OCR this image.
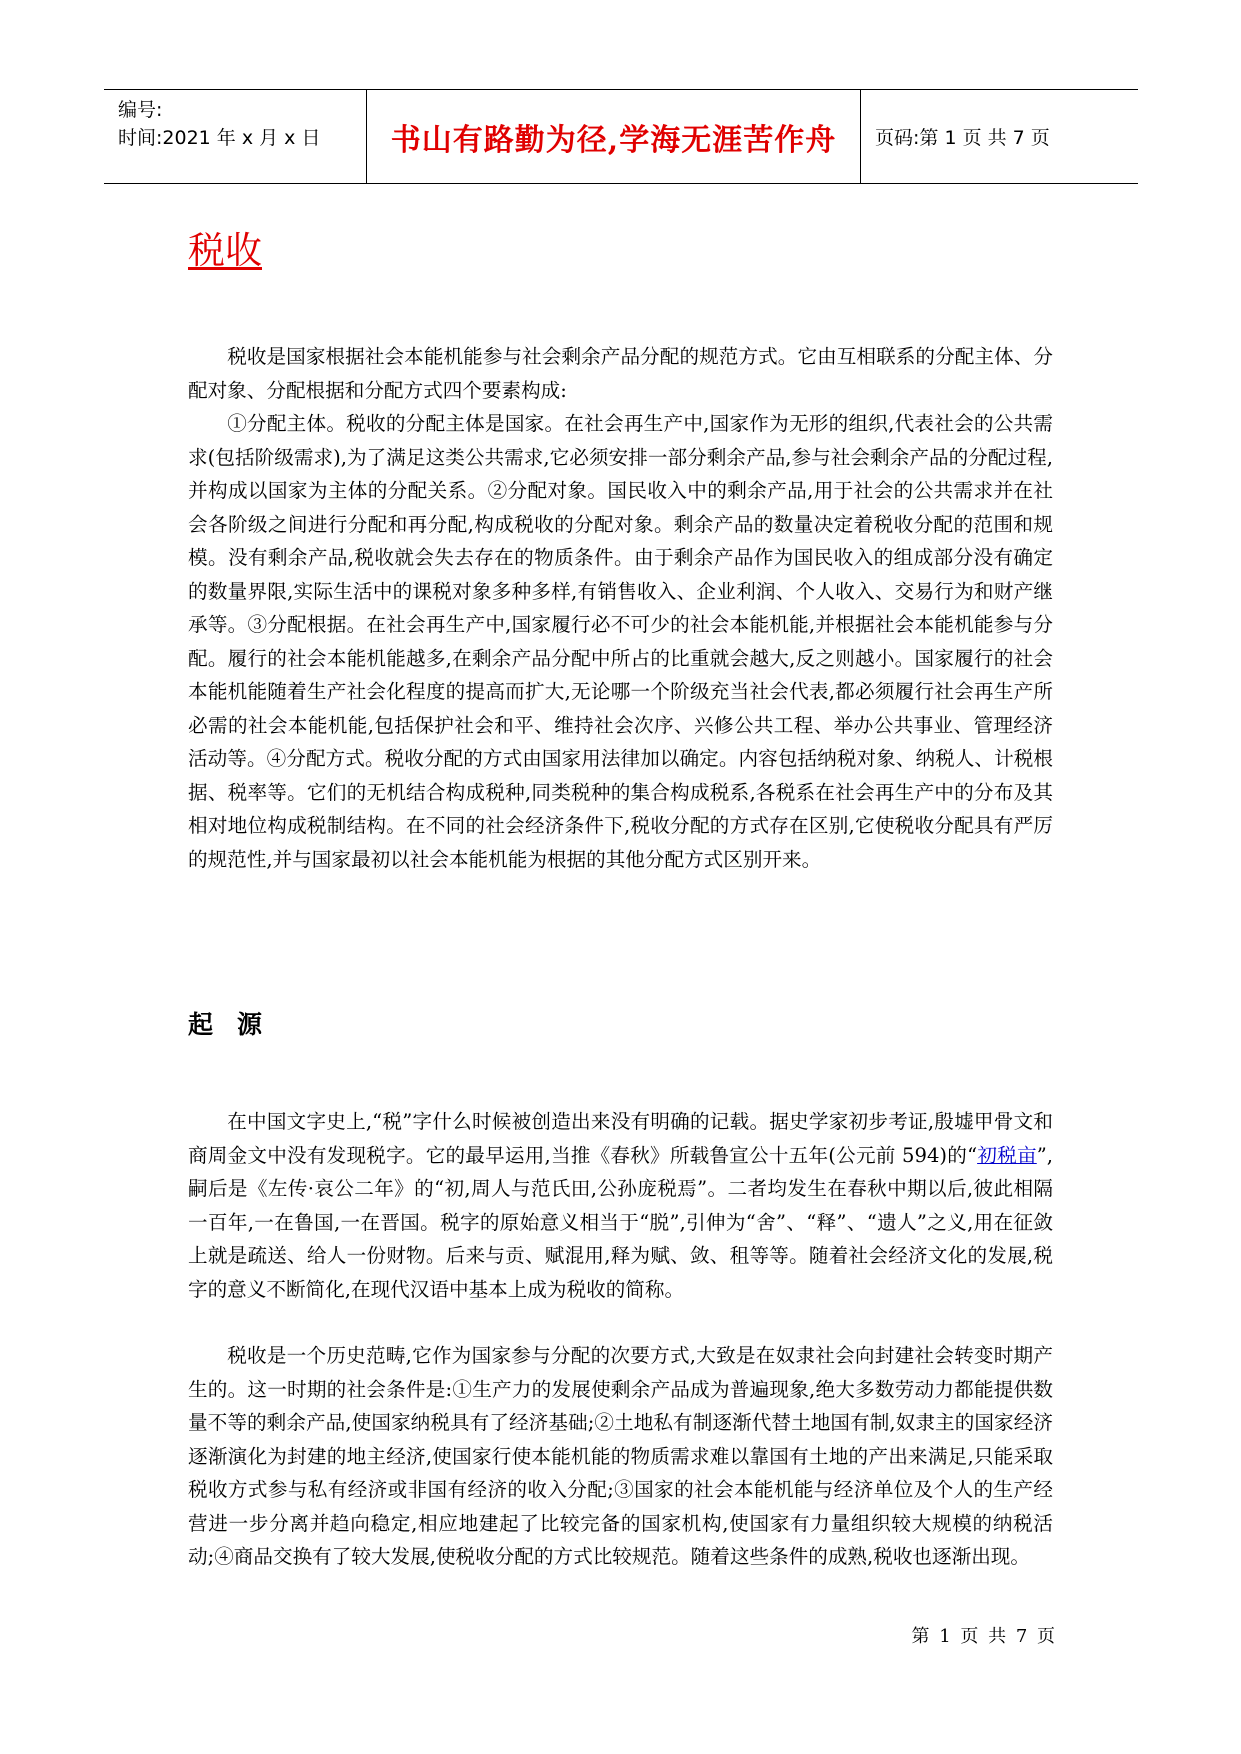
编号:
时间:2021 年 x 月 x 日	书山有路勤为径,学海无涯苦作舟 页码:第 1 页 共 7 页
税收

税收是国家根据社会本能机能参与社会剩余产品分配的规范方式。它由互相联系的分配主体、分配对象、分配根据和分配方式四个要素构成:

①分配主体。税收的分配主体是国家。在社会再生产中,国家作为无形的组织,代表社会的公共需求(包括阶级需求),为了满足这类公共需求,它必须安排一部分剩余产品,参与社会剩余产品的分配过程,并构成以国家为主体的分配关系。②分配对象。国民收入中的剩余产品,用于社会的公共需求并在社会各阶级之间进行分配和再分配,构成税收的分配对象。剩余产品的数量决定着税收分配的范围和规模。没有剩余产品,税收就会失去存在的物质条件。由于剩余产品作为国民收入的组成部分没有确定的数量界限,实际生活中的课税对象多种多样,有销售收入、企业利润、个人收入、交易行为和财产继承等。③分配根据。在社会再生产中,国家履行必不可少的社会本能机能,并根据社会本能机能参与分配。履行的社会本能机能越多,在剩余产品分配中所占的比重就会越大,反之则越小。国家履行的社会本能机能随着生产社会化程度的提高而扩大,无论哪一个阶级充当社会代表,都必须履行社会再生产所必需的社会本能机能,包括保护社会和平、维持社会次序、兴修公共工程、举办公共事业、管理经济活动等。④分配方式。税收分配的方式由国家用法律加以确定。内容包括纳税对象、纳税人、计税根据、税率等。它们的无机结合构成税种,同类税种的集合构成税系,各税系在社会再生产中的分布及其相对地位构成税制结构。在不同的社会经济条件下,税收分配的方式存在区别,它使税收分配具有严厉的规范性,并与国家最初以社会本能机能为根据的其他分配方式区别开来。

起源

在中国文字史上,“税”字什么时候被创造出来没有明确的记载。据史学家初步考证,殷墟甲骨文和商周金文中没有发现税字。它的最早运用,当推《春秋》所载鲁宣公十五年(公元前 594)的“初税亩”,嗣后是《左传·哀公二年》的“初,周人与范氏田,公孙庞税焉”。二者均发生在春秋中期以后,彼此相隔一百年,一在鲁国,一在晋国。税字的原始意义相当于“脱”,引伸为“舍”、“释”、“遗人”之义,用在征敛上就是疏送、给人一份财物。后来与贡、赋混用,释为赋、敛、租等等。随着社会经济文化的发展,税字的意义不断简化,在现代汉语中基本上成为税收的简称。

税收是一个历史范畴,它作为国家参与分配的次要方式,大致是在奴隶社会向封建社会转变时期产生的。这一时期的社会条件是:①生产力的发展使剩余产品成为普遍现象,绝大多数劳动力都能提供数量不等的剩余产品,使国家纳税具有了经济基础;②土地私有制逐渐代替土地国有制,奴隶主的国家经济逐渐演化为封建的地主经济,使国家行使本能机能的物质需求难以靠国有土地的产出来满足,只能采取税收方式参与私有经济或非国有经济的收入分配;③国家的社会本能机能与经济单位及个人的生产经营进一步分离并趋向稳定,相应地建起了比较完备的国家机构,使国家有力量组织较大规模的纳税活动;④商品交换有了较大发展,使税收分配的方式比较规范。随着这些条件的成熟,税收也逐渐出现。

第 1 页 共 7 页
